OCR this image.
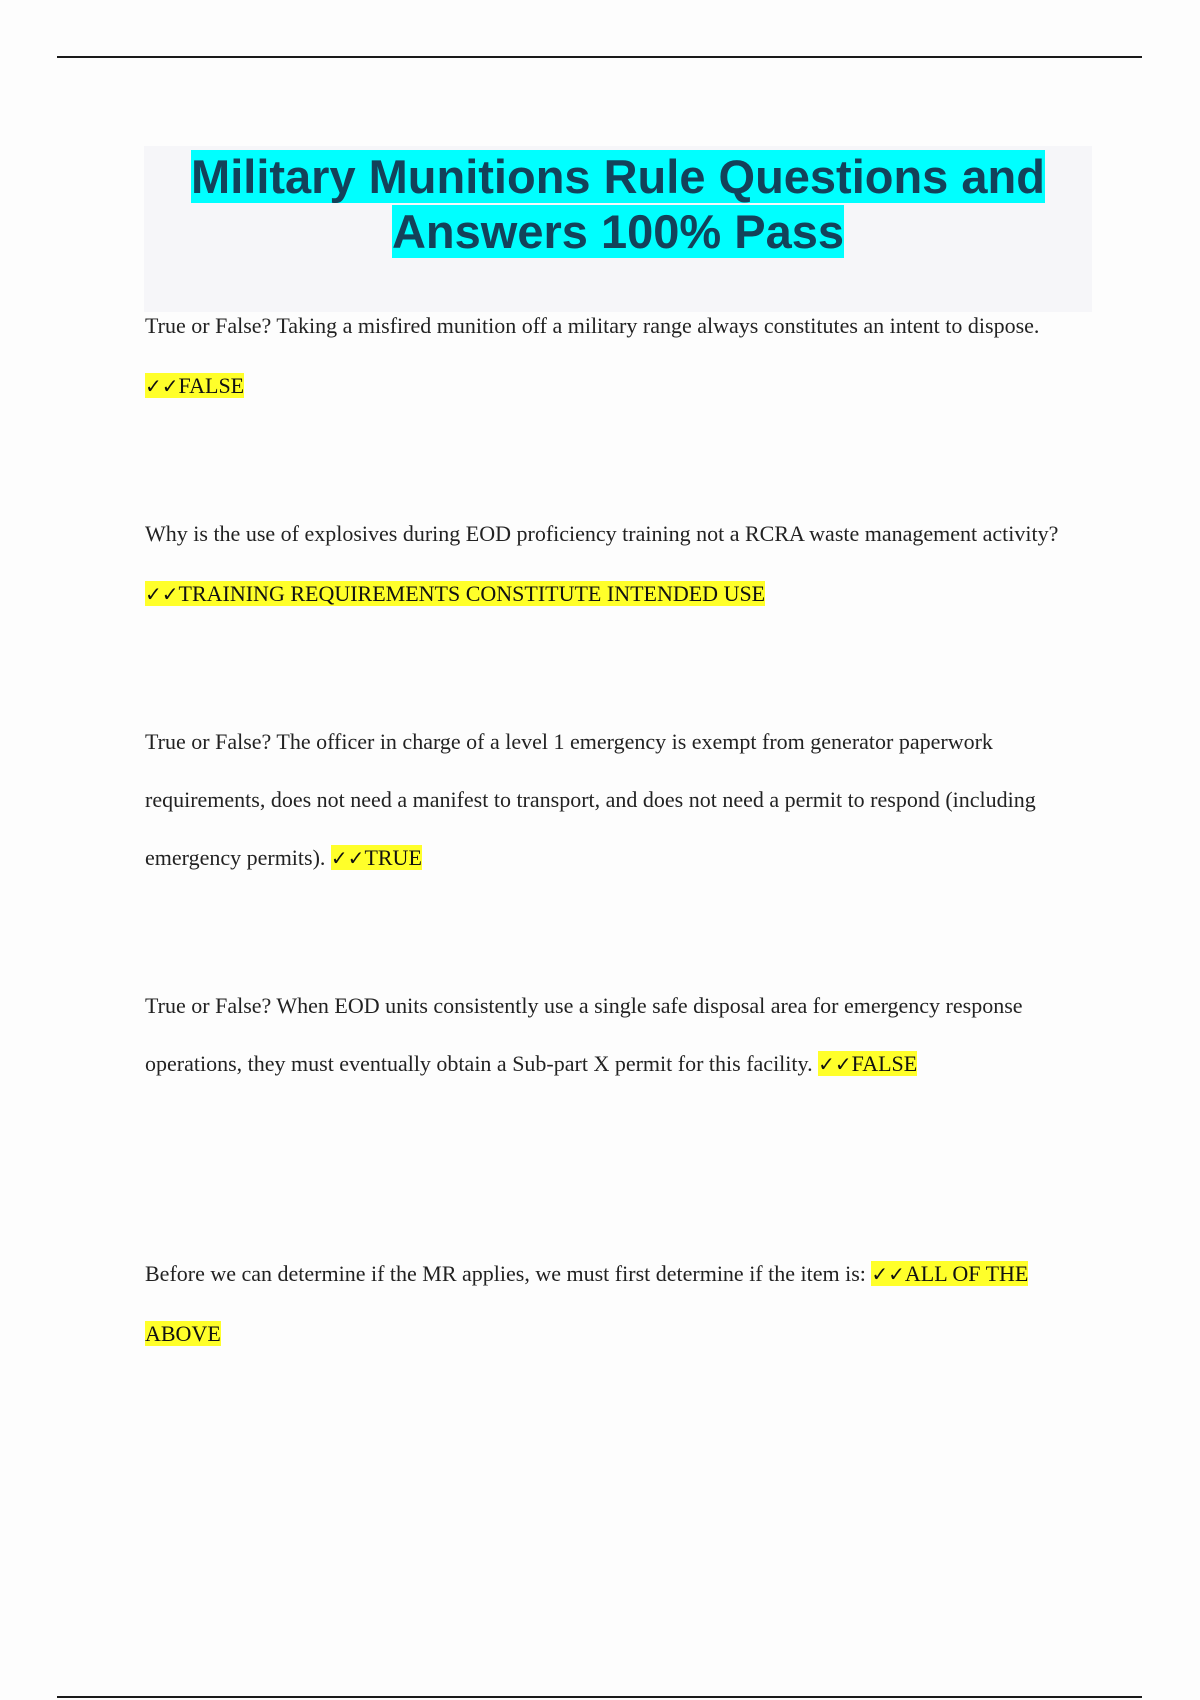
Military Munitions Rule Questions and Answers 100% Pass

True or False? Taking a misfired munition off a military range always constitutes an intent to dispose. ✓✓FALSE

Why is the use of explosives during EOD proficiency training not a RCRA waste management activity? ✓✓TRAINING REQUIREMENTS CONSTITUTE INTENDED USE

True or False? The officer in charge of a level 1 emergency is exempt from generator paperwork requirements, does not need a manifest to transport, and does not need a permit to respond (including emergency permits). ✓✓TRUE

True or False? When EOD units consistently use a single safe disposal area for emergency response operations, they must eventually obtain a Sub-part X permit for this facility. ✓✓FALSE

Before we can determine if the MR applies, we must first determine if the item is: ✓✓ALL OF THE ABOVE
